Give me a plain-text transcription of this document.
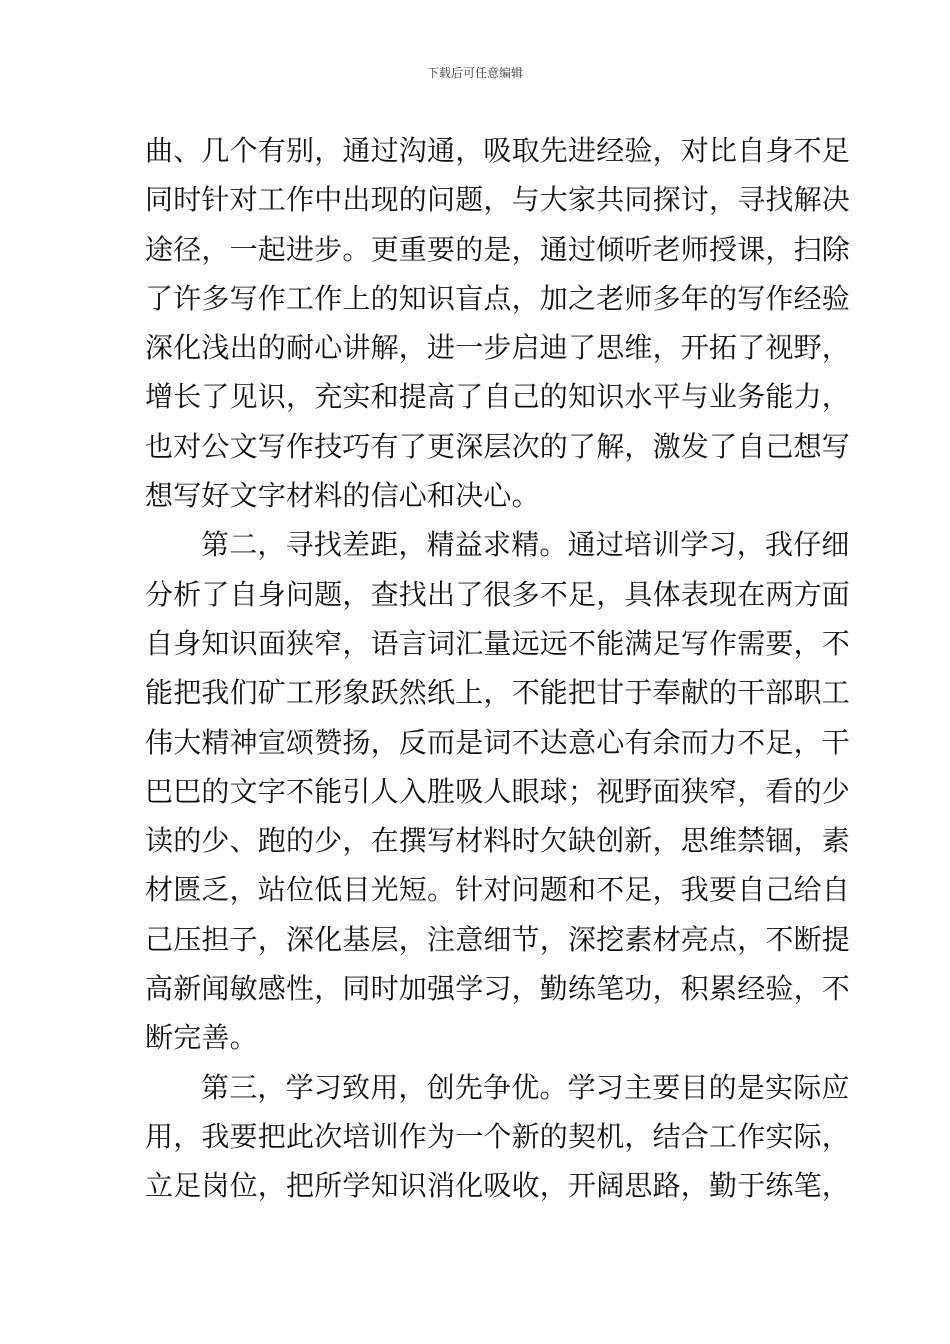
下载后可任意编辑
曲、几个有别，通过沟通，吸取先进经验，对比自身不足
同时针对工作中出现的问题，与大家共同探讨，寻找解决
途径，一起进步。更重要的是，通过倾听老师授课，扫除
了许多写作工作上的知识盲点，加之老师多年的写作经验
深化浅出的耐心讲解，进一步启迪了思维，开拓了视野，
增长了见识，充实和提高了自己的知识水平与业务能力，
也对公文写作技巧有了更深层次的了解，激发了自己想写
想写好文字材料的信心和决心。
第二，寻找差距，精益求精。通过培训学习，我仔细
分析了自身问题，查找出了很多不足，具体表现在两方面
自身知识面狭窄，语言词汇量远远不能满足写作需要，不
能把我们矿工形象跃然纸上，不能把甘于奉献的干部职工
伟大精神宣颂赞扬，反而是词不达意心有余而力不足，干
巴巴的文字不能引人入胜吸人眼球；视野面狭窄，看的少
读的少、跑的少，在撰写材料时欠缺创新，思维禁锢，素
材匮乏，站位低目光短。针对问题和不足，我要自己给自
己压担子，深化基层，注意细节，深挖素材亮点，不断提
高新闻敏感性，同时加强学习，勤练笔功，积累经验，不
断完善。
第三，学习致用，创先争优。学习主要目的是实际应
用，我要把此次培训作为一个新的契机，结合工作实际，
立足岗位，把所学知识消化吸收，开阔思路，勤于练笔，
